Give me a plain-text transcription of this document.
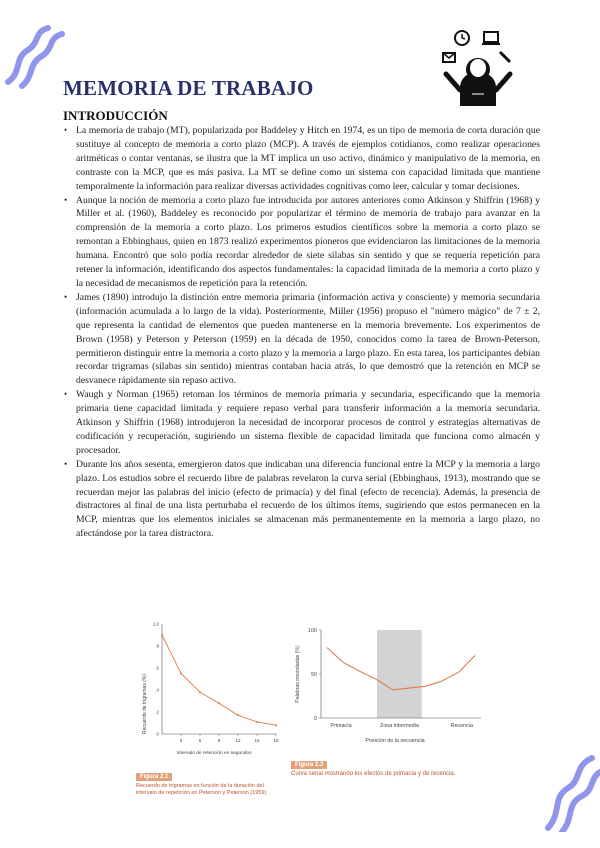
MEMORIA DE TRABAJO
INTRODUCCIÓN
• La memoria de trabajo (MT), popularizada por Baddeley y Hitch en 1974, es un tipo de memoria de corta duración que sustituye al concepto de memoria a corto plazo (MCP). A través de ejemplos cotidianos, como realizar operaciones aritméticas o contar ventanas, se ilustra que la MT implica un uso activo, dinámico y manipulativo de la memoria, en contraste con la MCP, que es más pasiva. La MT se define como un sistema con capacidad limitada que mantiene temporalmente la información para realizar diversas actividades cognitivas como leer, calcular y tomar decisiones.
• Aunque la noción de memoria a corto plazo fue introducida por autores anteriores como Atkinson y Shiffrin (1968) y Miller et al. (1960), Baddeley es reconocido por popularizar el término de memoria de trabajo para avanzar en la comprensión de la memoria a corto plazo. Los primeros estudios científicos sobre la memoria a corto plazo se remontan a Ebbinghaus, quien en 1873 realizó experimentos pioneros que evidenciaron las limitaciones de la memoria humana. Encontró que solo podía recordar alrededor de siete sílabas sin sentido y que se requería repetición para retener la información, identificando dos aspectos fundamentales: la capacidad limitada de la memoria a corto plazo y la necesidad de mecanismos de repetición para la retención.
• James (1890) introdujo la distinción entre memoria primaria (información activa y consciente) y memoria secundaria (información acumulada a lo largo de la vida). Posteriormente, Miller (1956) propuso el "número mágico" de 7 ± 2, que representa la cantidad de elementos que pueden mantenerse en la memoria brevemente. Los experimentos de Brown (1958) y Peterson y Peterson (1959) en la década de 1950, conocidos como la tarea de Brown-Peterson, permitieron distinguir entre la memoria a corto plazo y la memoria a largo plazo. En esta tarea, los participantes debían recordar trigramas (sílabas sin sentido) mientras contaban hacia atrás, lo que demostró que la retención en MCP se desvanece rápidamente sin repaso activo.
• Waugh y Norman (1965) retoman los términos de memoria primaria y secundaria, especificando que la memoria primaria tiene capacidad limitada y requiere repaso verbal para transferir información a la memoria secundaria. Atkinson y Shiffrin (1968) introdujeron la necesidad de incorporar procesos de control y estrategias alternativas de codificación y recuperación, sugiriendo un sistema flexible de capacidad limitada que funciona como almacén y procesador.
• Durante los años sesenta, emergieron datos que indicaban una diferencia funcional entre la MCP y la memoria a largo plazo. Los estudios sobre el recuerdo libre de palabras revelaron la curva serial (Ebbinghaus, 1913), mostrando que se recuerdan mejor las palabras del inicio (efecto de primacía) y del final (efecto de recencia). Además, la presencia de distractores al final de una lista perturbaba el recuerdo de los últimos ítems, sugiriendo que estos permanecen en la MCP, mientras que los elementos iniciales se almacenan más permanentemente en la memoria a largo plazo, no afectándose por la tarea distractora.
Recuerdo de trigramas (%)
Intervalo de retención en segundos
1,0
.8
.6
.4
.2
0
3	6	9	12	15	18
Figura 2.1
Recuerdo de trigramas en función de la duración del intervalo de repetición en Peterson y Peterson (1959).
Palabras recordadas (%)
Posición de la secuencia
100
50
0
Primacía	Zona intermedia	Recencia
Figura 2.2
Curva serial mostrando los efectos de primacía y de recencia.
